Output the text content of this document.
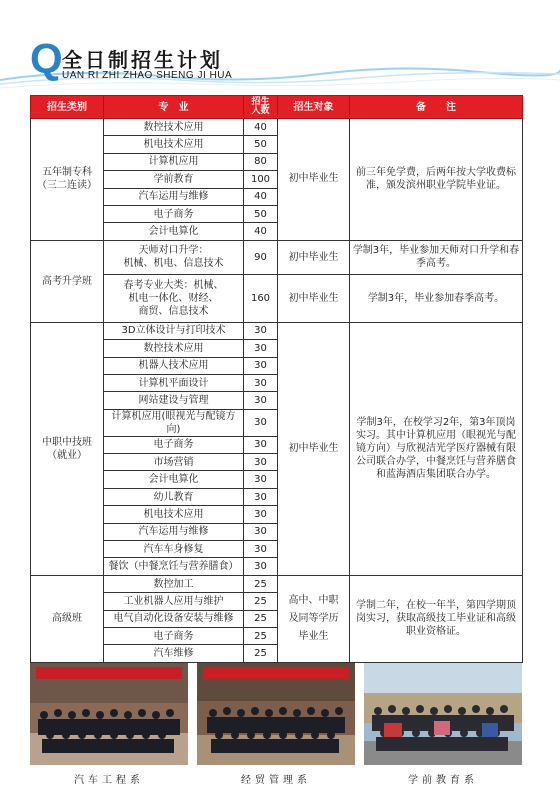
Q 全日制招生计划
UAN RI ZHI ZHAO SHENG JI HUA
招生类别	专　业	招生人数	招生对象	备　　注
五年制专科
（三二连读）	数控技术应用	40	初中毕业生	前三年免学费，后两年按大学收费标准，颁发滨州职业学院毕业证。
	机电技术应用	50		
	计算机应用	80		
	学前教育	100		
	汽车运用与维修	40		
	电子商务	50		
	会计电算化	40		
高考升学班	天师对口升学：
机械、机电、信息技术	90	初中毕业生	学制3年，毕业参加天师对口升学和春季高考。
	春考专业大类：机械、
机电一体化、财经、
商贸、信息技术	160	初中毕业生	学制3年，毕业参加春季高考。
中职中技班
（就业）	3D立体设计与打印技术	30	初中毕业生	学制3年，在校学习2年，第3年顶岗实习。其中计算机应用（眼视光与配镜方向）与欣视洁光学医疗器械有限公司联合办学，中餐烹饪与营养膳食和蓝海酒店集团联合办学。
	数控技术应用	30		
	机器人技术应用	30		
	计算机平面设计	30		
	网站建设与管理	30		
	计算机应用(眼视光与配镜方向)	30		
	电子商务	30		
	市场营销	30		
	会计电算化	30		
	幼儿教育	30		
	机电技术应用	30		
	汽车运用与维修	30		
	汽车车身修复	30		
	餐饮（中餐烹饪与营养膳食）	30		
高级班	数控加工	25	高中、中职
及同等学历
毕业生	学制二年，在校一年半，第四学期顶岗实习，获取高级技工毕业证和高级职业资格证。
	工业机器人应用与维护	25		
	电气自动化设备安装与维修	25		
	电子商务	25		
	汽车维修	25		
汽车工程系	经贸管理系	学前教育系
